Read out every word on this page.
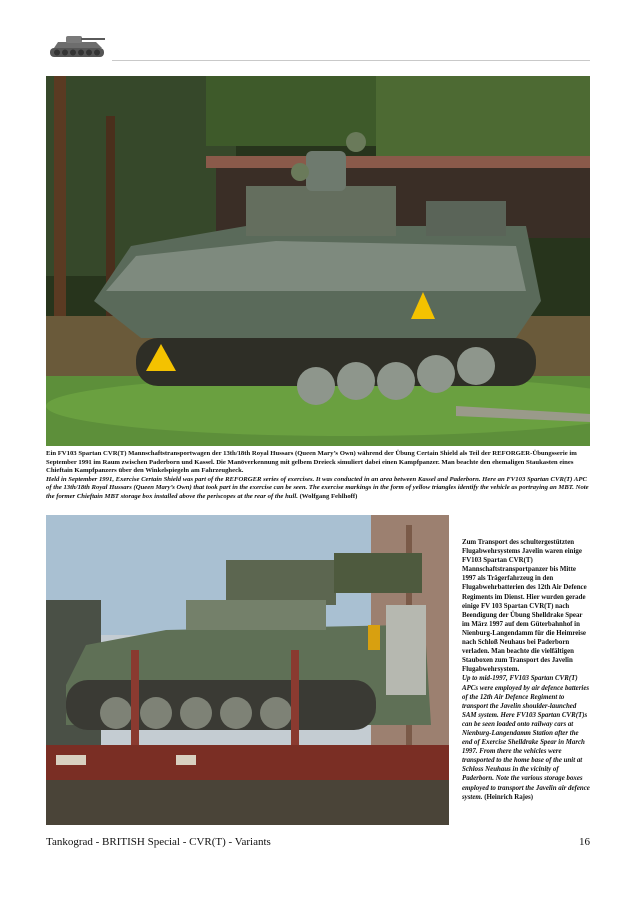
Ein FV103 Spartan CVR(T) Mannschaftstransportwagen der 13th/18th Royal Hussars (Queen Mary’s Own) während der Übung Certain Shield als Teil der REFORGER-Übungsserie im September 1991 im Raum zwischen Paderborn und Kassel. Die Manöverkennung mit gelbem Dreieck simuliert dabei einen Kampfpanzer. Man beachte den ehemaligen Staukasten eines Chieftain Kampfpanzers über den Winkelspiegeln am Fahrzeugheck.
Held in September 1991, Exercise Certain Shield was part of the REFORGER series of exercises. It was conducted in an area between Kassel and Paderborn. Here an FV103 Spartan CVR(T) APC of the 13th/18th Royal Hussars (Queen Mary’s Own) that took part in the exercise can be seen. The exercise markings in the form of yellow triangles identify the vehicle as portraying an MBT. Note the former Chieftain MBT storage box installed above the periscopes at the rear of the hull. (Wolfgang Fehlhoff)
Zum Transport des schultergestützten Flugabwehrsystems Javelin waren einige FV103 Spartan CVR(T) Mannschaftstransportpanzer bis Mitte 1997 als Trägerfahrzeug in den Flugabwehrbatterien des 12th Air Defence Regiments im Dienst. Hier wurden gerade einige FV 103 Spartan CVR(T) nach Beendigung der Übung Shelldrake Spear im März 1997 auf dem Güterbahnhof in Nienburg-Langendamm für die Heimreise nach Schloß Neuhaus bei Paderborn verladen. Man beachte die vielfältigen Stauboxen zum Transport des Javelin Flugabwehrsystem.
Up to mid-1997, FV103 Spartan CVR(T) APCs were employed by air defence batteries of the 12th Air Defence Regiment to transport the Javelin shoulder-launched SAM system. Here FV103 Spartan CVR(T)s can be seen loaded onto railway cars at Nienburg-Langendamm Station after the end of Exercise Shelldrake Spear in March 1997. From there the vehicles were transported to the home base of the unit at Schloss Neuhaus in the vicinity of Paderborn. Note the various storage boxes employed to transport the Javelin air defence system. (Heinrich Rajes)
Tankograd - BRITISH Special - CVR(T) - Variants	16
